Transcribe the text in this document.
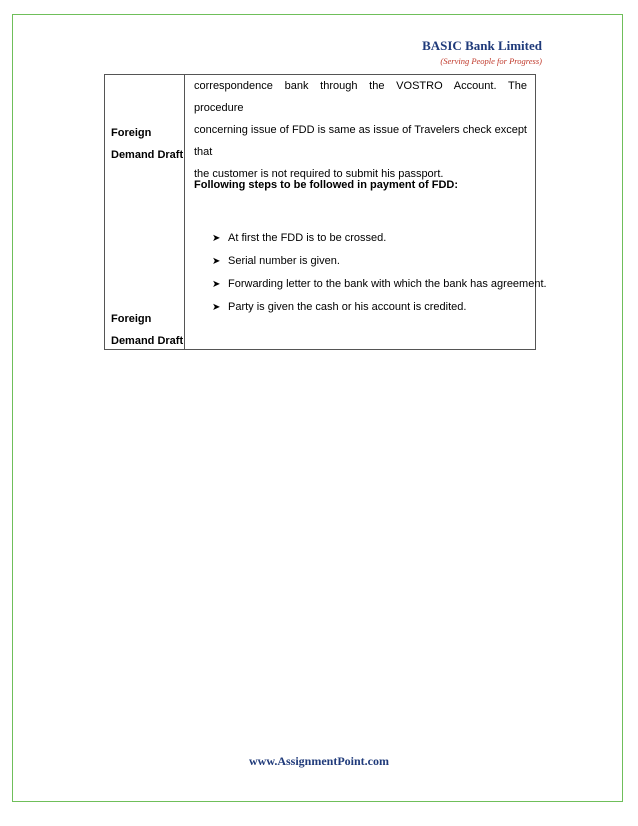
BASIC Bank Limited
(Serving People for Progress)
Foreign
Demand Draft
Foreign
Demand Draft
correspondence bank through the VOSTRO Account. The procedure
concerning issue of FDD is same as issue of Travelers check except that
the customer is not required to submit his passport.
Following steps to be followed in payment of FDD:
➤ At first the FDD is to be crossed.
➤ Serial number is given.
➤ Forwarding letter to the bank with which the bank has agreement.
➤ Party is given the cash or his account is credited.
www.AssignmentPoint.com
